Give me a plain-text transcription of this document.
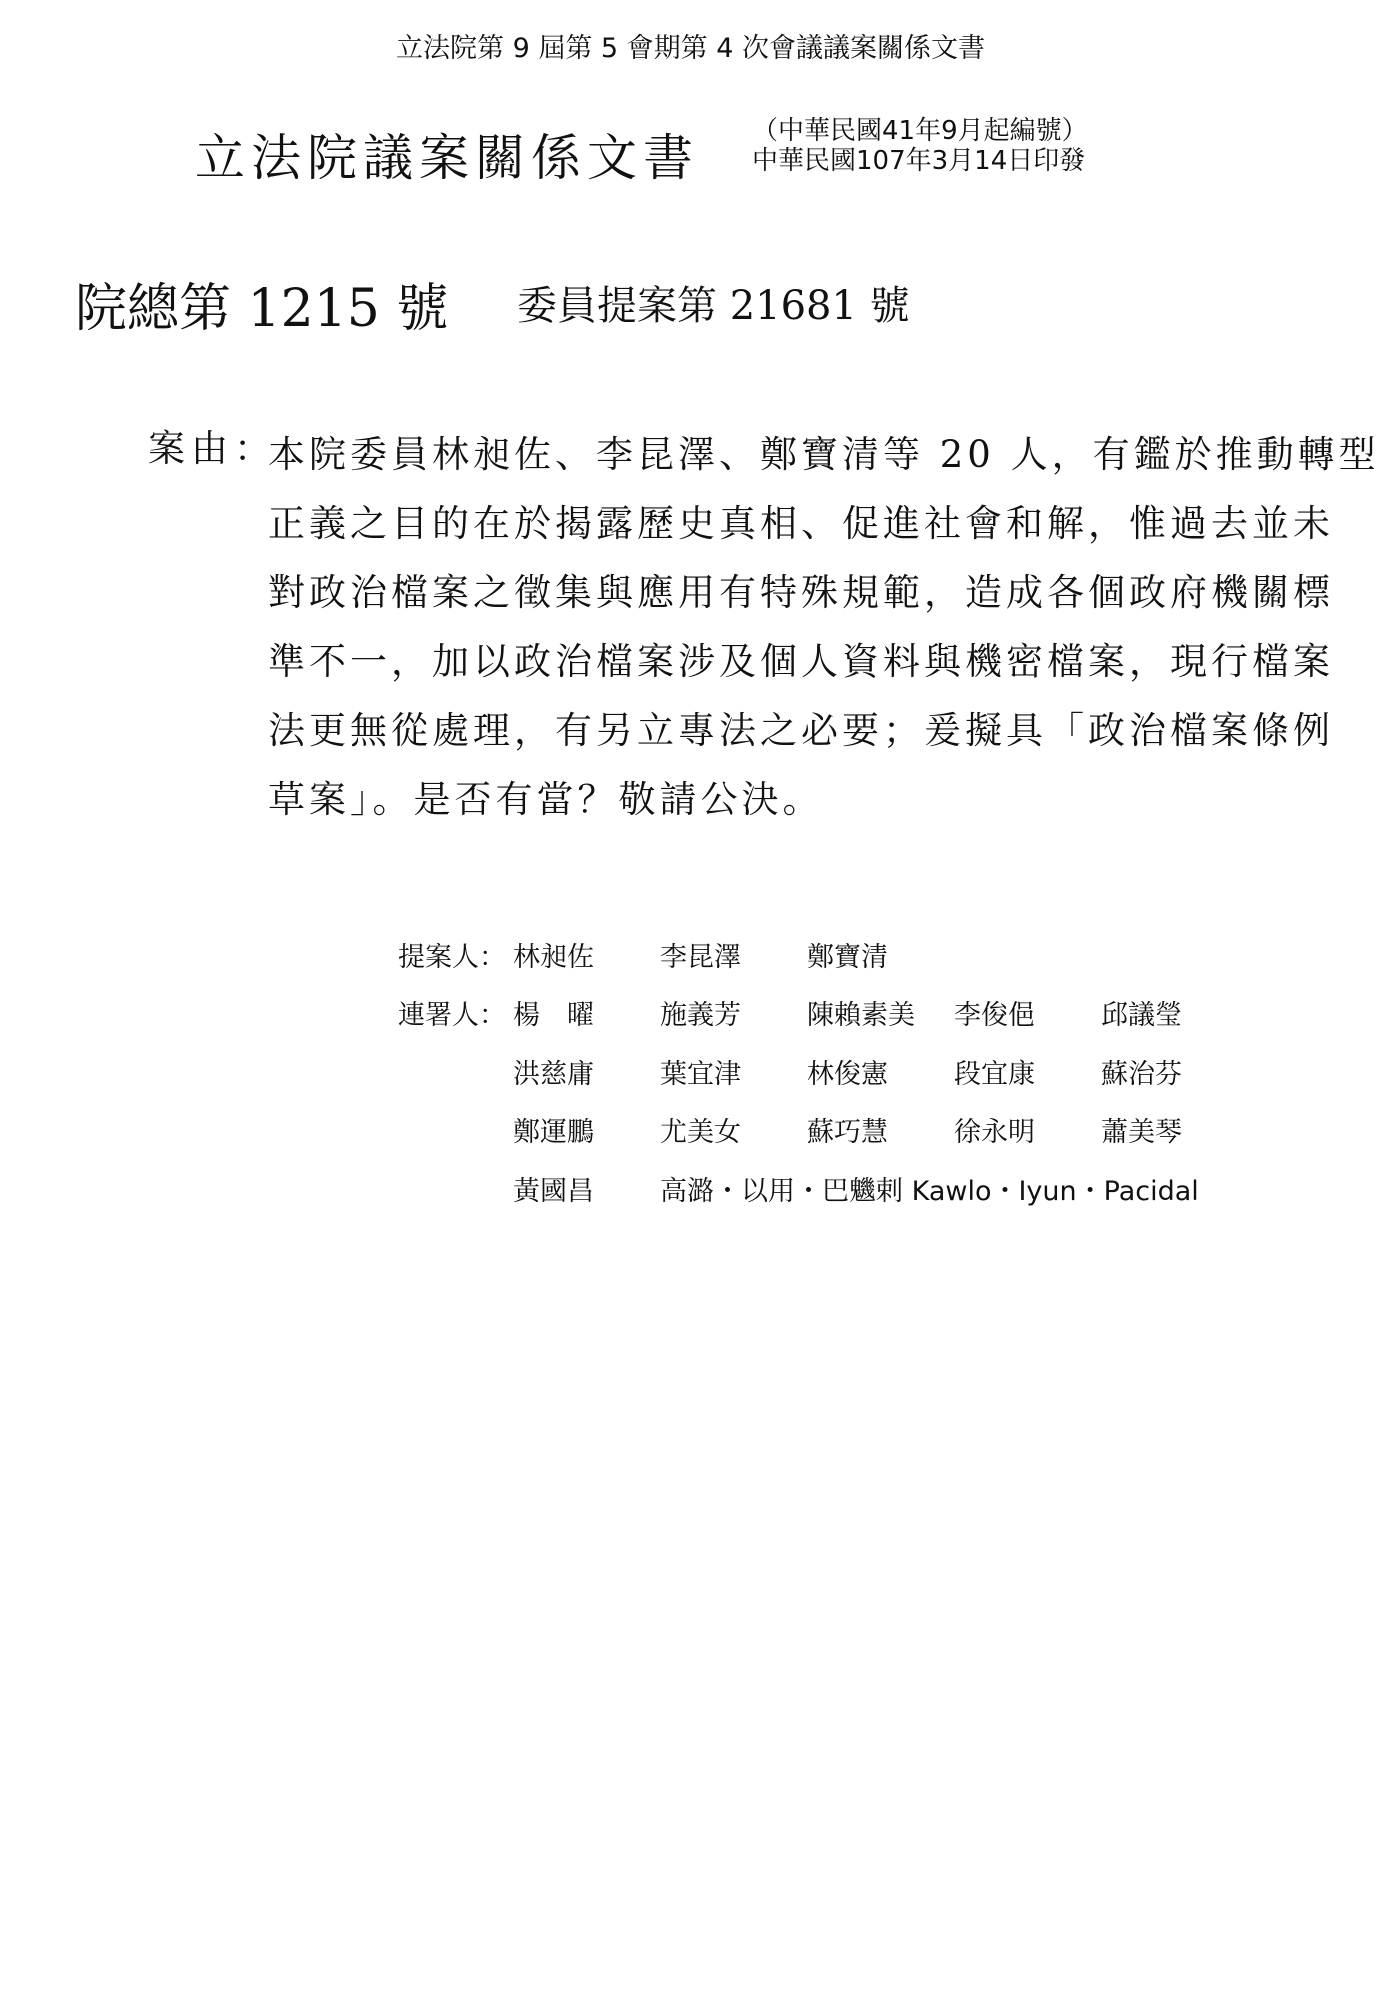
立法院第 9 屆第 5 會期第 4 次會議議案關係文書
立法院議案關係文書 （中華民國41年9月起編號）
中華民國107年3月14日印發
院總第 1215 號 委員提案第 21681 號
案由：
本院委員林昶佐、李昆澤、鄭寶清等 20 人，有鑑於推動轉型
正義之目的在於揭露歷史真相、促進社會和解，惟過去並未
對政治檔案之徵集與應用有特殊規範，造成各個政府機關標
準不一，加以政治檔案涉及個人資料與機密檔案，現行檔案
法更無從處理，有另立專法之必要；爰擬具「政治檔案條例
草案」。是否有當？敬請公決。
提案人： 林昶佐 李昆澤 鄭寶清
連署人： 楊　曜 施義芳 陳賴素美 李俊俋 邱議瑩
洪慈庸 葉宜津 林俊憲 段宜康 蘇治芬
鄭運鵬 尤美女 蘇巧慧 徐永明 蕭美琴
黃國昌 高潞・以用・巴魕剌 Kawlo・Iyun・Pacidal
